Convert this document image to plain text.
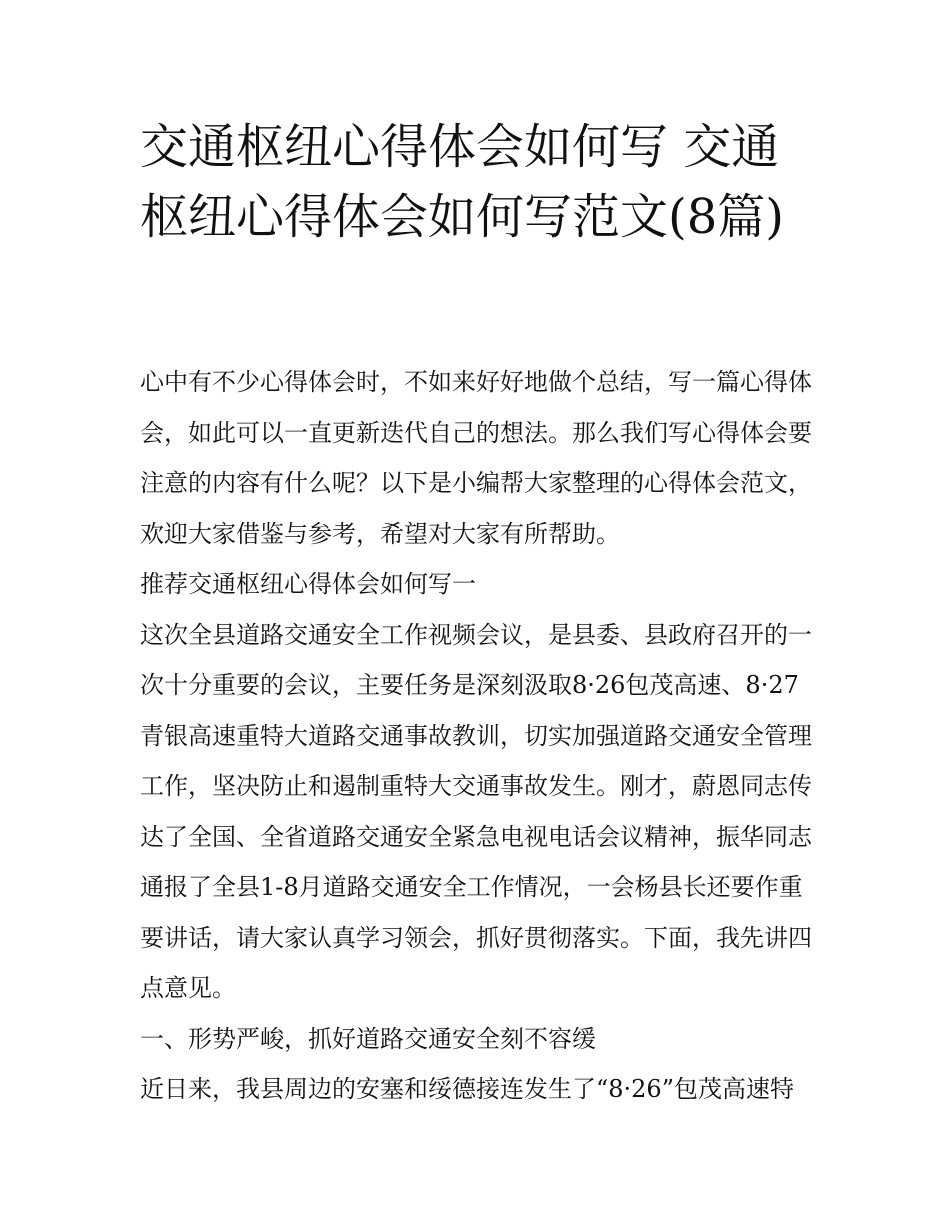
交通枢纽心得体会如何写 交通枢纽心得体会如何写范文(8篇)

心中有不少心得体会时，不如来好好地做个总结，写一篇心得体会，如此可以一直更新迭代自己的想法。那么我们写心得体会要注意的内容有什么呢？以下是小编帮大家整理的心得体会范文，欢迎大家借鉴与参考，希望对大家有所帮助。

推荐交通枢纽心得体会如何写一

这次全县道路交通安全工作视频会议，是县委、县政府召开的一次十分重要的会议，主要任务是深刻汲取8·26包茂高速、8·27青银高速重特大道路交通事故教训，切实加强道路交通安全管理工作，坚决防止和遏制重特大交通事故发生。刚才，蔚恩同志传达了全国、全省道路交通安全紧急电视电话会议精神，振华同志通报了全县1-8月道路交通安全工作情况，一会杨县长还要作重要讲话，请大家认真学习领会，抓好贯彻落实。下面，我先讲四点意见。

一、形势严峻，抓好道路交通安全刻不容缓

近日来，我县周边的安塞和绥德接连发生了“8·26”包茂高速特
